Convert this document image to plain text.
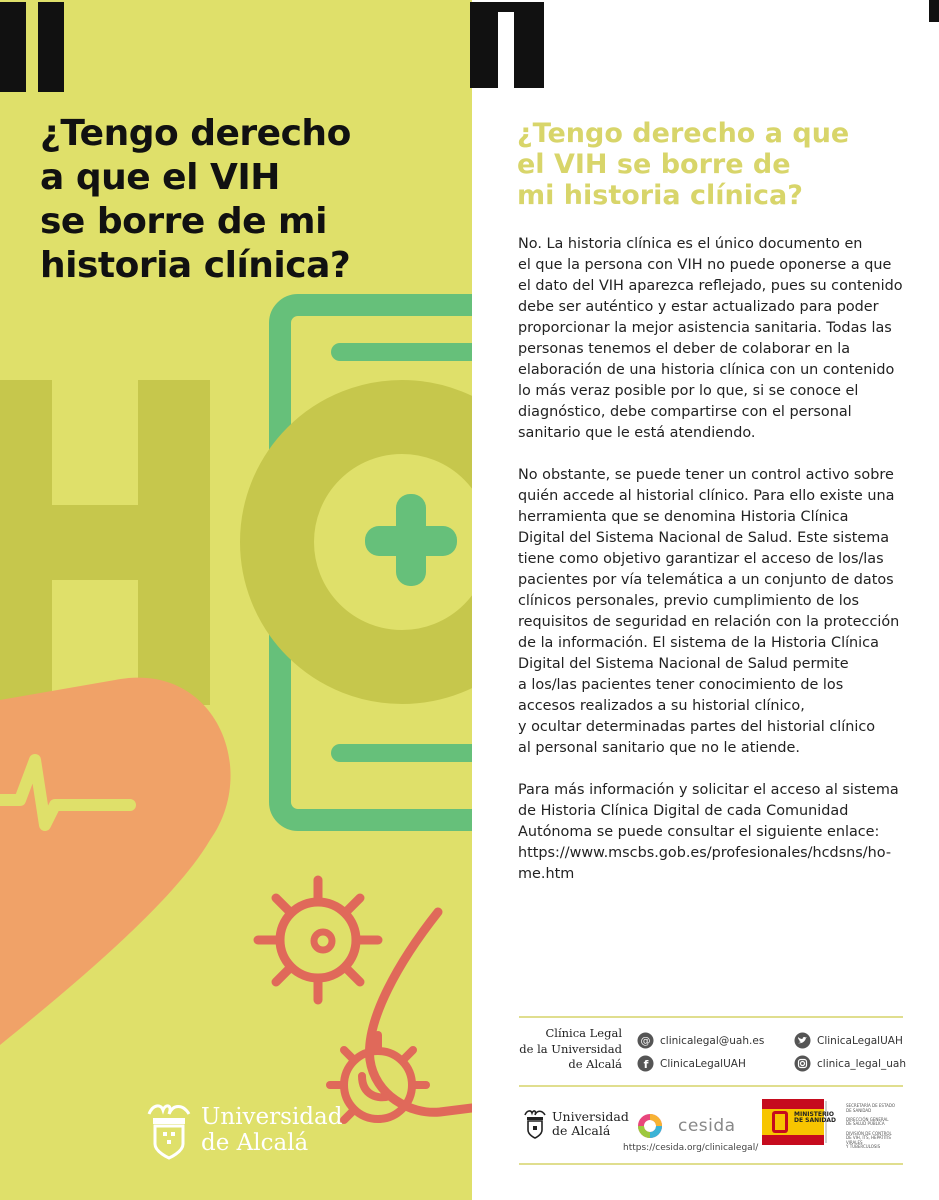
¿Tengo derecho
a que el VIH
se borre de mi
historia clínica?
Universidad
de Alcalá
¿Tengo derecho a que
el VIH se borre de
mi historia clínica?

No. La historia clínica es el único documento en
el que la persona con VIH no puede oponerse a que
el dato del VIH aparezca reflejado, pues su contenido
debe ser auténtico y estar actualizado para poder
proporcionar la mejor asistencia sanitaria. Todas las
personas tenemos el deber de colaborar en la
elaboración de una historia clínica con un contenido
lo más veraz posible por lo que, si se conoce el
diagnóstico, debe compartirse con el personal
sanitario que le está atendiendo.

No obstante, se puede tener un control activo sobre
quién accede al historial clínico. Para ello existe una
herramienta que se denomina Historia Clínica
Digital del Sistema Nacional de Salud. Este sistema
tiene como objetivo garantizar el acceso de los/las
pacientes por vía telemática a un conjunto de datos
clínicos personales, previo cumplimiento de los
requisitos de seguridad en relación con la protección
de la información. El sistema de la Historia Clínica
Digital del Sistema Nacional de Salud permite
a los/las pacientes tener conocimiento de los
accesos realizados a su historial clínico,
y ocultar determinadas partes del historial clínico
al personal sanitario que no le atiende.

Para más información y solicitar el acceso al sistema
de Historia Clínica Digital de cada Comunidad
Autónoma se puede consultar el siguiente enlace:
https://www.mscbs.gob.es/profesionales/hcdsns/ho-
me.htm

Clínica Legal
de la Universidad
de Alcalá
@ clinicalegal@uah.es
f ClinicaLegalUAH
ClinicaLegalUAH
clinica_legal_uah
Universidad
de Alcalá	cesida
https://cesida.org/clinicalegal/
MINISTERIO
DE SANIDAD
SECRETARÍA DE ESTADO
DE SANIDAD

DIRECCIÓN GENERAL
DE SALUD PÚBLICA

DIVISIÓN DE CONTROL
DE VIH, ITS, HEPATITIS VIRALES
Y TUBERCULOSIS
